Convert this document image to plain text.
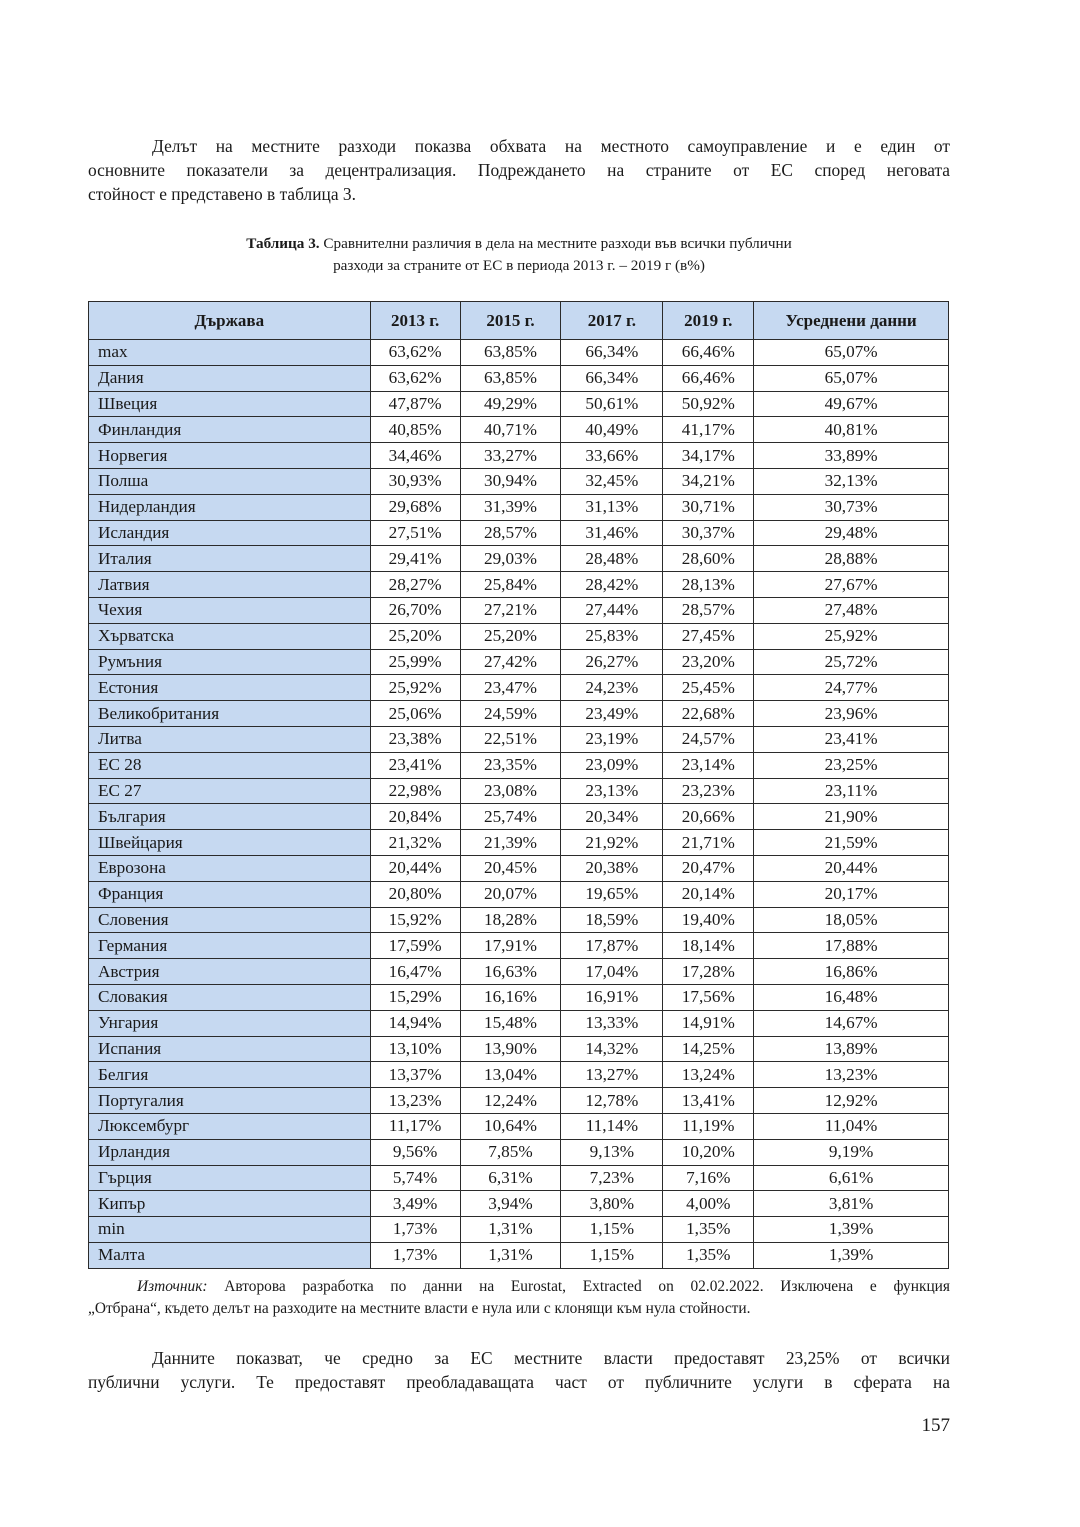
Делът на местните разходи показва обхвата на местното самоуправление и е един от
основните показатели за децентрализация. Подреждането на страните от ЕС според неговата
стойност е представено в таблица 3.

Таблица 3. Сравнителни различия в дела на местните разходи във всички публични
разходи за страните от ЕС в периода 2013 г. – 2019 г (в%)

Държава	2013 г.	2015 г.	2017 г.	2019 г.	Усреднени данни
max	63,62%	63,85%	66,34%	66,46%	65,07%
Дания	63,62%	63,85%	66,34%	66,46%	65,07%
Швеция	47,87%	49,29%	50,61%	50,92%	49,67%
Финландия	40,85%	40,71%	40,49%	41,17%	40,81%
Норвегия	34,46%	33,27%	33,66%	34,17%	33,89%
Полша	30,93%	30,94%	32,45%	34,21%	32,13%
Нидерландия	29,68%	31,39%	31,13%	30,71%	30,73%
Исландия	27,51%	28,57%	31,46%	30,37%	29,48%
Италия	29,41%	29,03%	28,48%	28,60%	28,88%
Латвия	28,27%	25,84%	28,42%	28,13%	27,67%
Чехия	26,70%	27,21%	27,44%	28,57%	27,48%
Хърватска	25,20%	25,20%	25,83%	27,45%	25,92%
Румъния	25,99%	27,42%	26,27%	23,20%	25,72%
Естония	25,92%	23,47%	24,23%	25,45%	24,77%
Великобритания	25,06%	24,59%	23,49%	22,68%	23,96%
Литва	23,38%	22,51%	23,19%	24,57%	23,41%
ЕС 28	23,41%	23,35%	23,09%	23,14%	23,25%
ЕС 27	22,98%	23,08%	23,13%	23,23%	23,11%
България	20,84%	25,74%	20,34%	20,66%	21,90%
Швейцария	21,32%	21,39%	21,92%	21,71%	21,59%
Еврозона	20,44%	20,45%	20,38%	20,47%	20,44%
Франция	20,80%	20,07%	19,65%	20,14%	20,17%
Словения	15,92%	18,28%	18,59%	19,40%	18,05%
Германия	17,59%	17,91%	17,87%	18,14%	17,88%
Австрия	16,47%	16,63%	17,04%	17,28%	16,86%
Словакия	15,29%	16,16%	16,91%	17,56%	16,48%
Унгария	14,94%	15,48%	13,33%	14,91%	14,67%
Испания	13,10%	13,90%	14,32%	14,25%	13,89%
Белгия	13,37%	13,04%	13,27%	13,24%	13,23%
Португалия	13,23%	12,24%	12,78%	13,41%	12,92%
Люксембург	11,17%	10,64%	11,14%	11,19%	11,04%
Ирландия	9,56%	7,85%	9,13%	10,20%	9,19%
Гърция	5,74%	6,31%	7,23%	7,16%	6,61%
Кипър	3,49%	3,94%	3,80%	4,00%	3,81%
min	1,73%	1,31%	1,15%	1,35%	1,39%
Малта	1,73%	1,31%	1,15%	1,35%	1,39%

Източник: Авторова разработка по данни на Eurostat, Extracted on 02.02.2022. Изключена е функция
„Отбрана“, където делът на разходите на местните власти е нула или с клонящи към нула стойности.

Данните показват, че средно за ЕС местните власти предоставят 23,25% от всички
публични услуги. Те предоставят преобладаващата част от публичните услуги в сферата на

157
